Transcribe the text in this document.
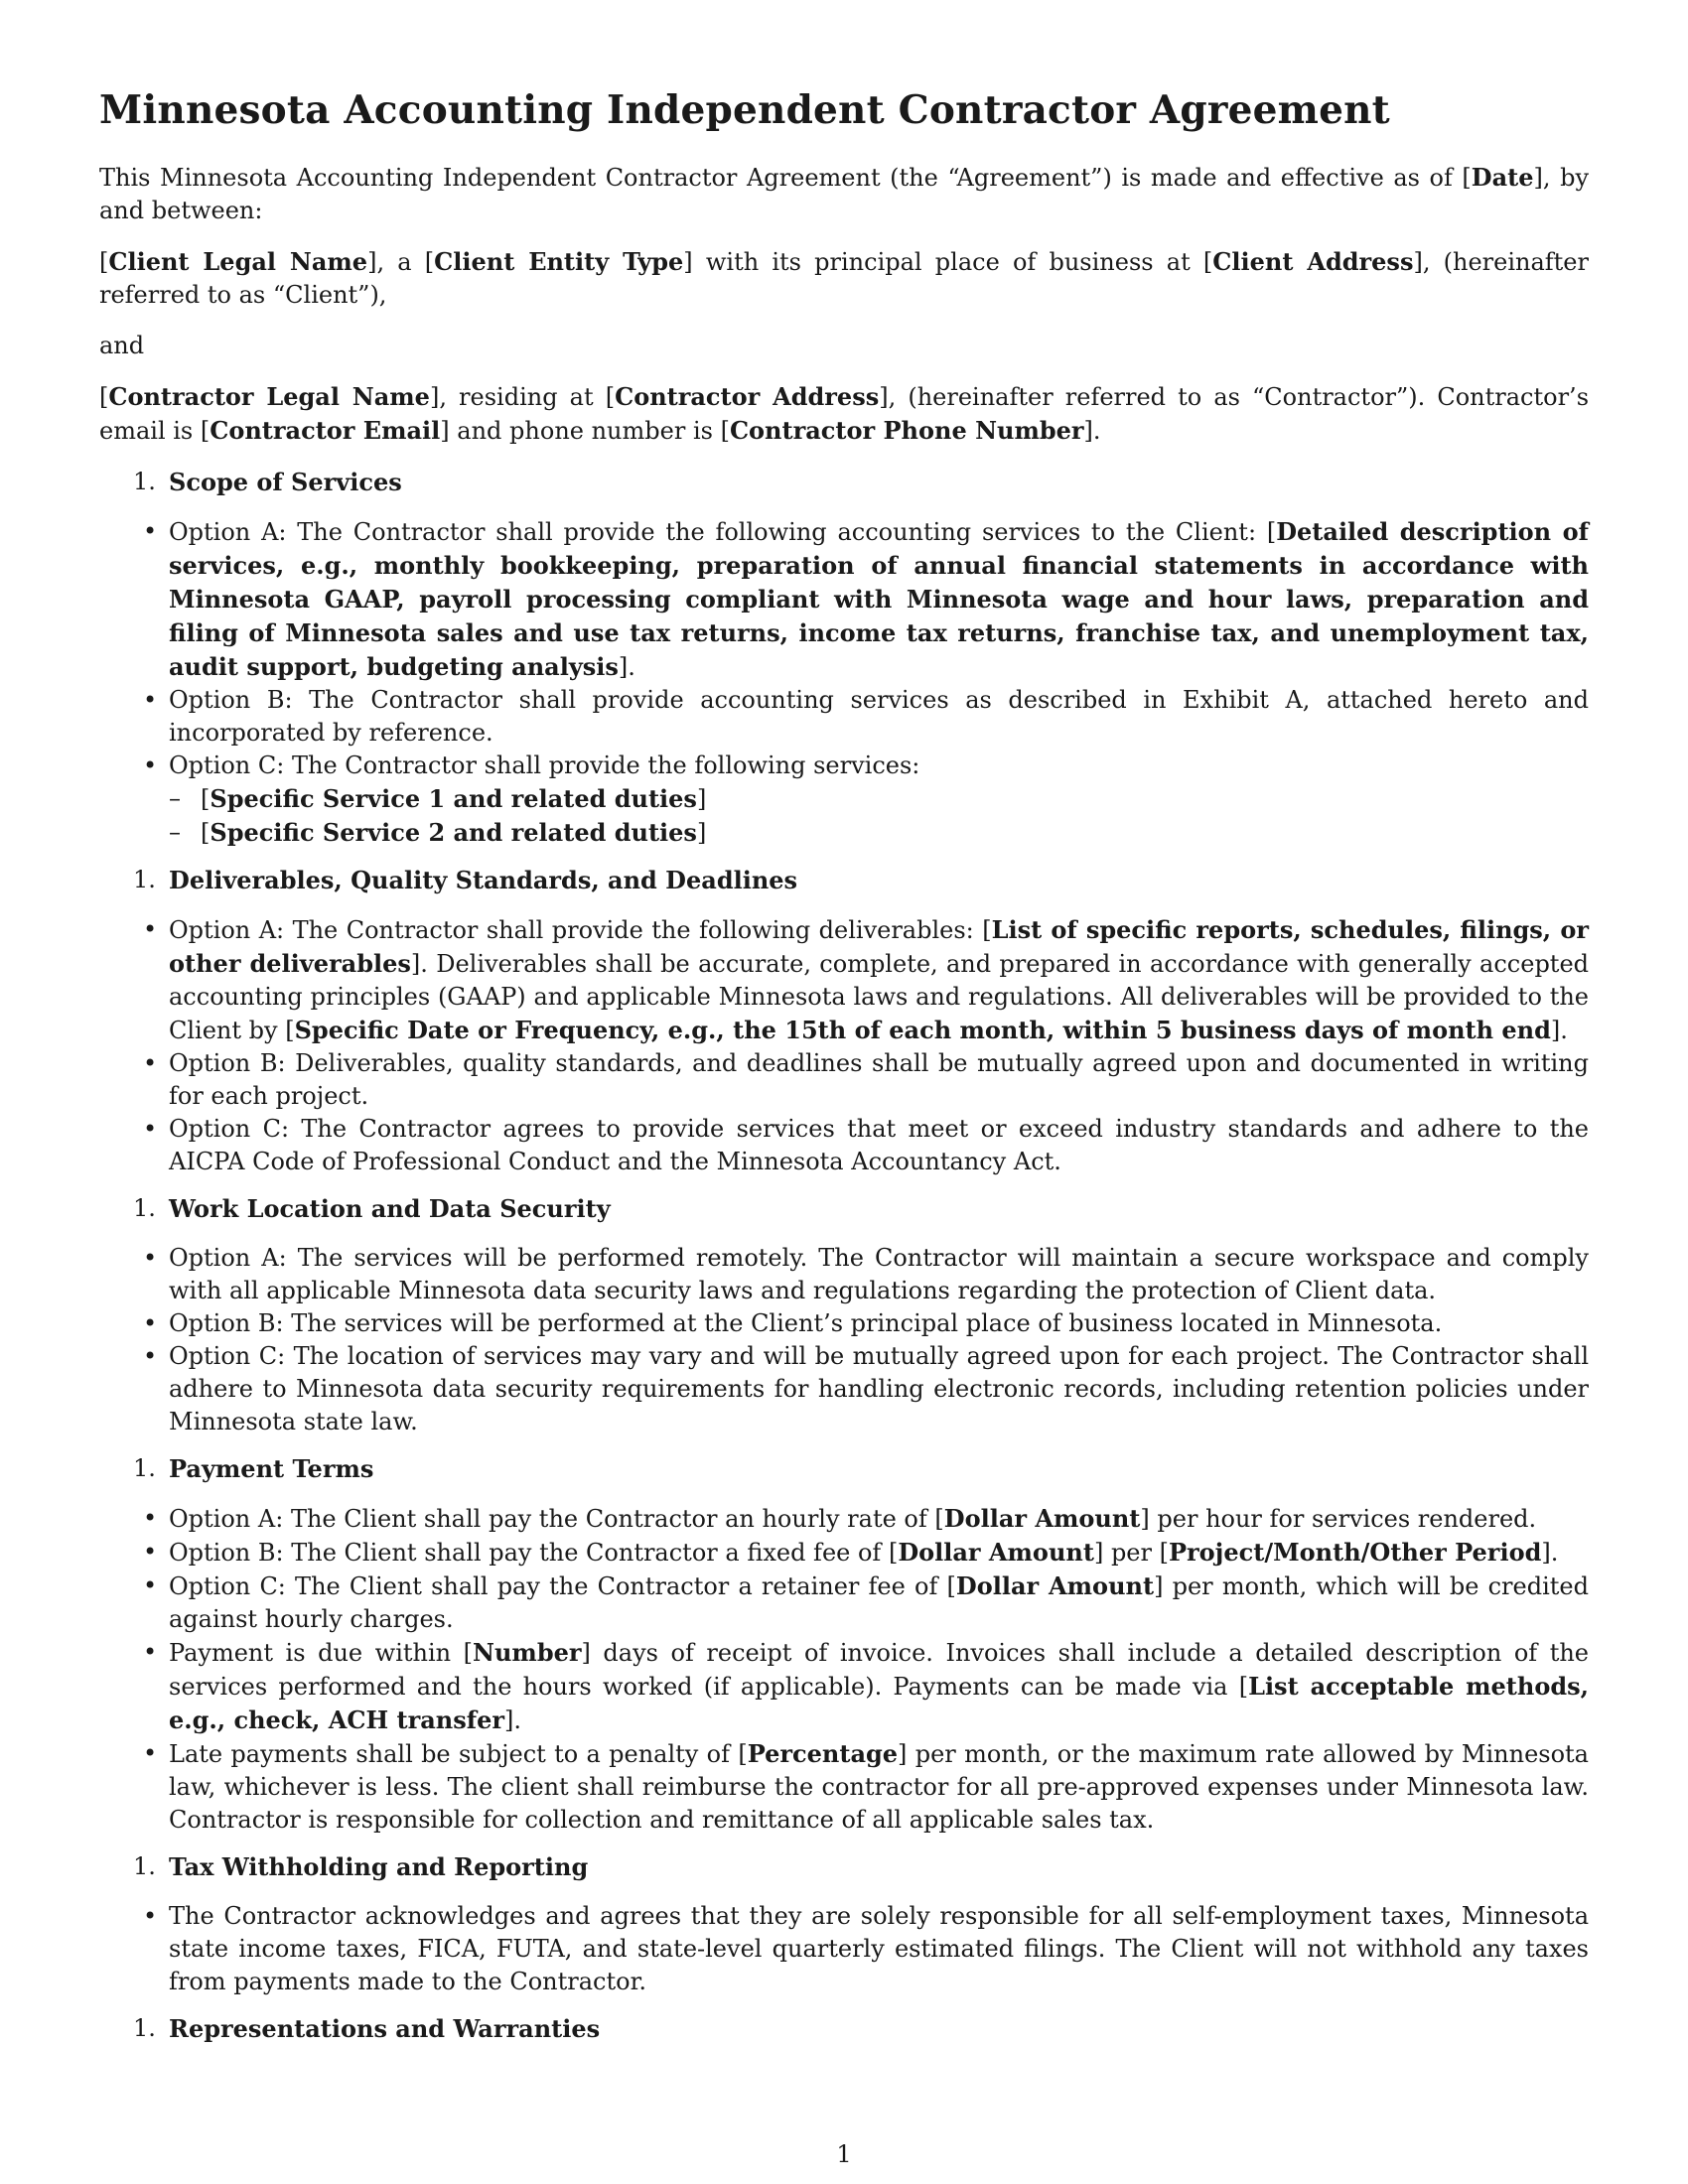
Minnesota Accounting Independent Contractor Agreement

This Minnesota Accounting Independent Contractor Agreement (the “Agreement”) is made and effective as of [Date], by and between:

[Client Legal Name], a [Client Entity Type] with its principal place of business at [Client Address], (hereinafter referred to as “Client”),

and

[Contractor Legal Name], residing at [Contractor Address], (hereinafter referred to as “Contractor”). Contractor’s email is [Contractor Email] and phone number is [Contractor Phone Number].

1. Scope of Services
• Option A: The Contractor shall provide the following accounting services to the Client: [Detailed description of services, e.g., monthly bookkeeping, preparation of annual financial statements in accordance with Minnesota GAAP, payroll processing compliant with Minnesota wage and hour laws, preparation and filing of Minnesota sales and use tax returns, income tax returns, franchise tax, and unemployment tax, audit support, budgeting analysis].
• Option B: The Contractor shall provide accounting services as described in Exhibit A, attached hereto and incorporated by reference.
• Option C: The Contractor shall provide the following services:
– [Specific Service 1 and related duties]
– [Specific Service 2 and related duties]
1. Deliverables, Quality Standards, and Deadlines
• Option A: The Contractor shall provide the following deliverables: [List of specific reports, schedules, filings, or other deliverables]. Deliverables shall be accurate, complete, and prepared in accordance with generally accepted accounting principles (GAAP) and applicable Minnesota laws and regulations. All deliverables will be provided to the Client by [Specific Date or Frequency, e.g., the 15th of each month, within 5 business days of month end].
• Option B: Deliverables, quality standards, and deadlines shall be mutually agreed upon and documented in writing for each project.
• Option C: The Contractor agrees to provide services that meet or exceed industry standards and adhere to the AICPA Code of Professional Conduct and the Minnesota Accountancy Act.
1. Work Location and Data Security
• Option A: The services will be performed remotely. The Contractor will maintain a secure workspace and comply with all applicable Minnesota data security laws and regulations regarding the protection of Client data.
• Option B: The services will be performed at the Client’s principal place of business located in Minnesota.
• Option C: The location of services may vary and will be mutually agreed upon for each project. The Contractor shall adhere to Minnesota data security requirements for handling electronic records, including retention policies under Minnesota state law.
1. Payment Terms
• Option A: The Client shall pay the Contractor an hourly rate of [Dollar Amount] per hour for services rendered.
• Option B: The Client shall pay the Contractor a fixed fee of [Dollar Amount] per [Project/Month/Other Period].
• Option C: The Client shall pay the Contractor a retainer fee of [Dollar Amount] per month, which will be credited against hourly charges.
• Payment is due within [Number] days of receipt of invoice. Invoices shall include a detailed description of the services performed and the hours worked (if applicable). Payments can be made via [List acceptable methods, e.g., check, ACH transfer].
• Late payments shall be subject to a penalty of [Percentage] per month, or the maximum rate allowed by Minnesota law, whichever is less. The client shall reimburse the contractor for all pre-approved expenses under Minnesota law. Contractor is responsible for collection and remittance of all applicable sales tax.
1. Tax Withholding and Reporting
• The Contractor acknowledges and agrees that they are solely responsible for all self-employment taxes, Minnesota state income taxes, FICA, FUTA, and state-level quarterly estimated filings. The Client will not withhold any taxes from payments made to the Contractor.
1. Representations and Warranties
1
